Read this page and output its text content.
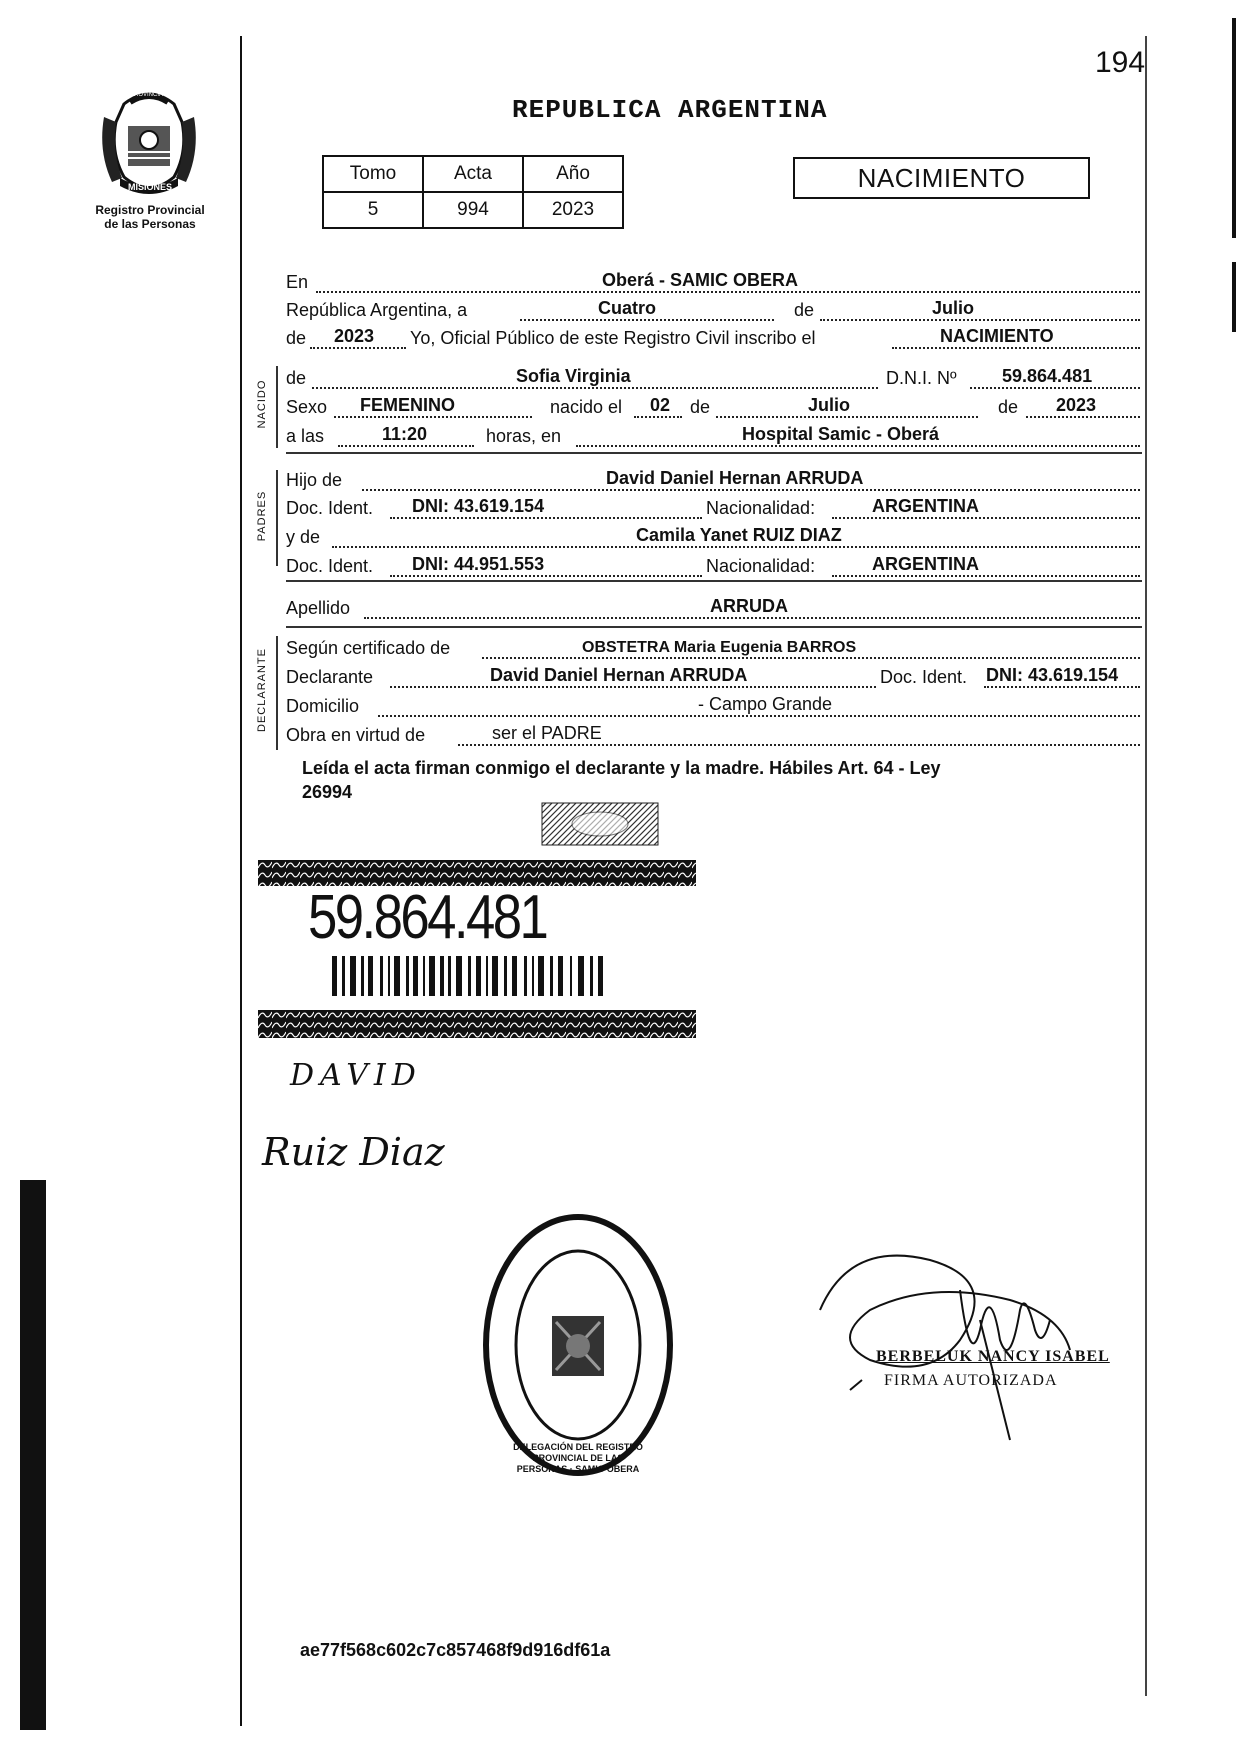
PROVINCIA DE
MISIONES
Registro Provincial
de las Personas
194
REPUBLICA ARGENTINA
Tomo	Acta	Año
5	994	2023
NACIMIENTO
En	Oberá - SAMIC OBERA
República Argentina, a	Cuatro	de	Julio
de 2023 Yo, Oficial Público de este Registro Civil inscribo el	NACIMIENTO
NACIDO
de	Sofia Virginia	D.N.I. Nº	59.864.481
Sexo FEMENINO	nacido el 02 de	Julio	de 2023
a las	11:20	horas, en	Hospital Samic - Oberá
PADRES
Hijo de	David Daniel Hernan ARRUDA
Doc. Ident. DNI: 43.619.154	Nacionalidad:	ARGENTINA
y de	Camila Yanet RUIZ DIAZ
Doc. Ident. DNI: 44.951.553	Nacionalidad:	ARGENTINA
Apellido	ARRUDA
DECLARANTE
Según certificado de	OBSTETRA Maria Eugenia BARROS
Declarante	David Daniel Hernan ARRUDA	Doc. Ident. DNI: 43.619.154
Domicilio	- Campo Grande
Obra en virtud de	ser el PADRE
Leída el acta firman conmigo el declarante y la madre. Hábiles Art. 64 - Ley
26994
59.864.481
DAVID
Ruiz Diaz
DELEGACIÓN DEL REGISTRO PROVINCIAL DE LAS PERSONAS · SAMIC OBERA
BERBELUK NANCY ISABEL
FIRMA AUTORIZADA
ae77f568c602c7c857468f9d916df61a
